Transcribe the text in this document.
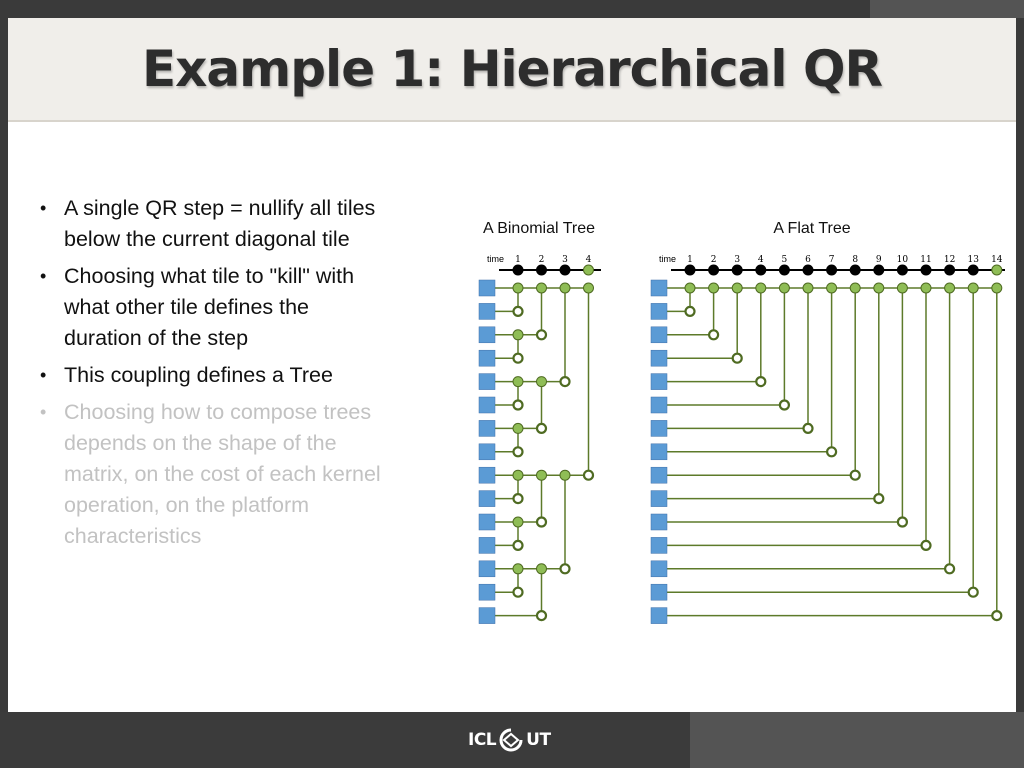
Example 1: Hierarchical QR
• A single QR step = nullify all tiles below the current diagonal tile
• Choosing what tile to "kill" with what other tile defines the duration of the step
• This coupling defines a Tree
• Choosing how to compose trees depends on the shape of the matrix, on the cost of each kernel operation, on the platform characteristics
A Binomial Tree	A Flat Tree
time 1 2 3 4	time 1 2 3 4 5 6 7 8 9 10 11 12 13 14
ICL UT
